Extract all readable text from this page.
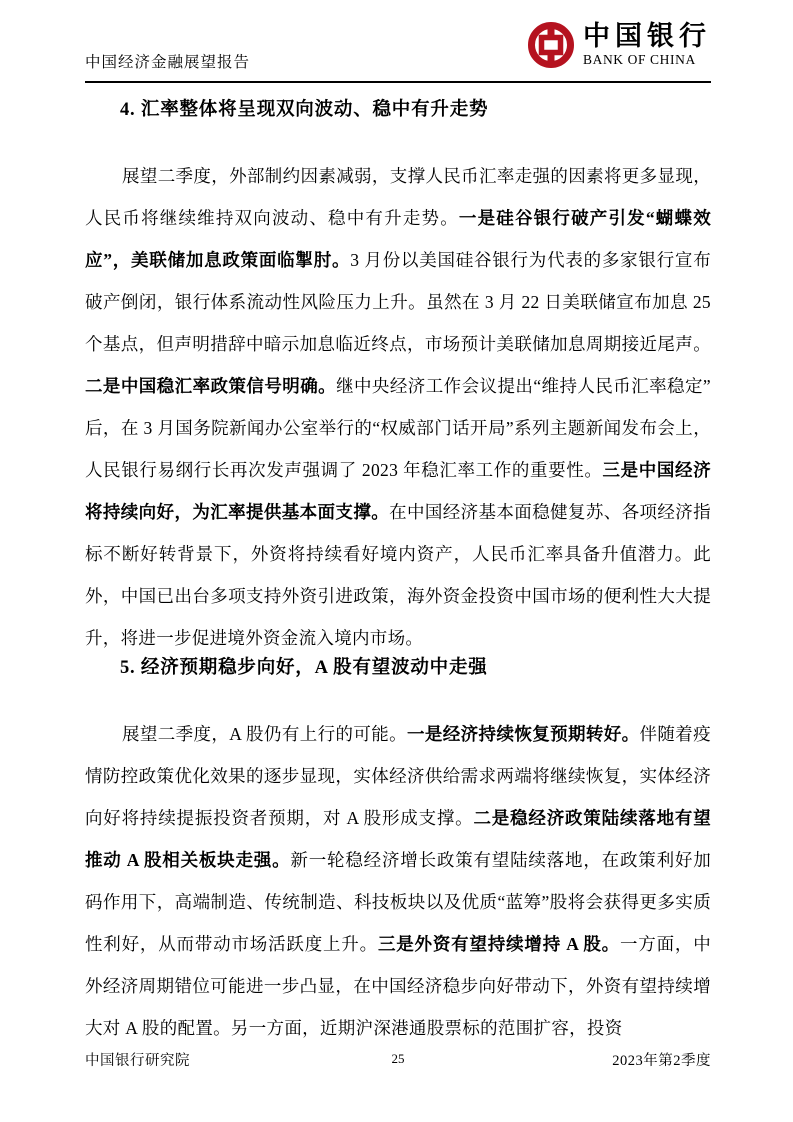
中国经济金融展望报告
中国银行
BANK OF CHINA
4. 汇率整体将呈现双向波动、稳中有升走势

展望二季度，外部制约因素减弱，支撑人民币汇率走强的因素将更多显现，人民币将继续维持双向波动、稳中有升走势。一是硅谷银行破产引发“蝴蝶效应”，美联储加息政策面临掣肘。3 月份以美国硅谷银行为代表的多家银行宣布破产倒闭，银行体系流动性风险压力上升。虽然在 3 月 22 日美联储宣布加息 25 个基点，但声明措辞中暗示加息临近终点，市场预计美联储加息周期接近尾声。二是中国稳汇率政策信号明确。继中央经济工作会议提出“维持人民币汇率稳定”后，在 3 月国务院新闻办公室举行的“权威部门话开局”系列主题新闻发布会上，人民银行易纲行长再次发声强调了 2023 年稳汇率工作的重要性。三是中国经济将持续向好，为汇率提供基本面支撑。在中国经济基本面稳健复苏、各项经济指标不断好转背景下，外资将持续看好境内资产，人民币汇率具备升值潜力。此外，中国已出台多项支持外资引进政策，海外资金投资中国市场的便利性大大提升，将进一步促进境外资金流入境内市场。

5. 经济预期稳步向好，A 股有望波动中走强

展望二季度，A 股仍有上行的可能。一是经济持续恢复预期转好。伴随着疫情防控政策优化效果的逐步显现，实体经济供给需求两端将继续恢复，实体经济向好将持续提振投资者预期，对 A 股形成支撑。二是稳经济政策陆续落地有望推动 A 股相关板块走强。新一轮稳经济增长政策有望陆续落地，在政策利好加码作用下，高端制造、传统制造、科技板块以及优质“蓝筹”股将会获得更多实质性利好，从而带动市场活跃度上升。三是外资有望持续增持 A 股。一方面，中外经济周期错位可能进一步凸显，在中国经济稳步向好带动下，外资有望持续增大对 A 股的配置。另一方面，近期沪深港通股票标的范围扩容，投资

中国银行研究院	25	2023年第2季度
